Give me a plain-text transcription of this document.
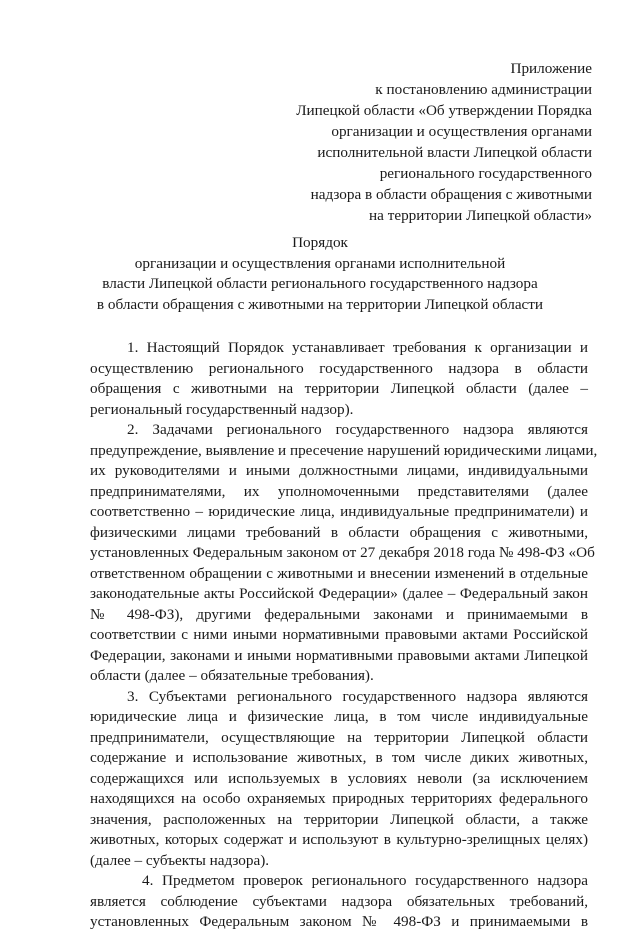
Приложение
к постановлению администрации
Липецкой области «Об утверждении Порядка
организации и осуществления органами
исполнительной власти Липецкой области
регионального государственного
надзора в области обращения с животными
на территории Липецкой области»
Порядок
организации и осуществления органами исполнительной
власти Липецкой области регионального государственного надзора
в области обращения с животными на территории Липецкой области
1. Настоящий Порядок устанавливает требования к организации и
осуществлению регионального государственного надзора в области
обращения с животными на территории Липецкой области (далее –
региональный государственный надзор).
2. Задачами регионального государственного надзора являются
предупреждение, выявление и пресечение нарушений юридическими лицами,
их руководителями и иными должностными лицами, индивидуальными
предпринимателями, их уполномоченными представителями (далее
соответственно – юридические лица, индивидуальные предприниматели) и
физическими лицами требований в области обращения с животными,
установленных Федеральным законом от 27 декабря 2018 года № 498-ФЗ «Об
ответственном обращении с животными и внесении изменений в отдельные
законодательные акты Российской Федерации» (далее – Федеральный закон
№ 498-ФЗ), другими федеральными законами и принимаемыми в
соответствии с ними иными нормативными правовыми актами Российской
Федерации, законами и иными нормативными правовыми актами Липецкой
области (далее – обязательные требования).
3. Субъектами регионального государственного надзора являются
юридические лица и физические лица, в том числе индивидуальные
предприниматели, осуществляющие на территории Липецкой области
содержание и использование животных, в том числе диких животных,
содержащихся или используемых в условиях неволи (за исключением
находящихся на особо охраняемых природных территориях федерального
значения, расположенных на территории Липецкой области, а также
животных, которых содержат и используют в культурно-зрелищных целях)
(далее – субъекты надзора).
4. Предметом проверок регионального государственного надзора
является соблюдение субъектами надзора обязательных требований,
установленных Федеральным законом № 498-ФЗ и принимаемыми в
